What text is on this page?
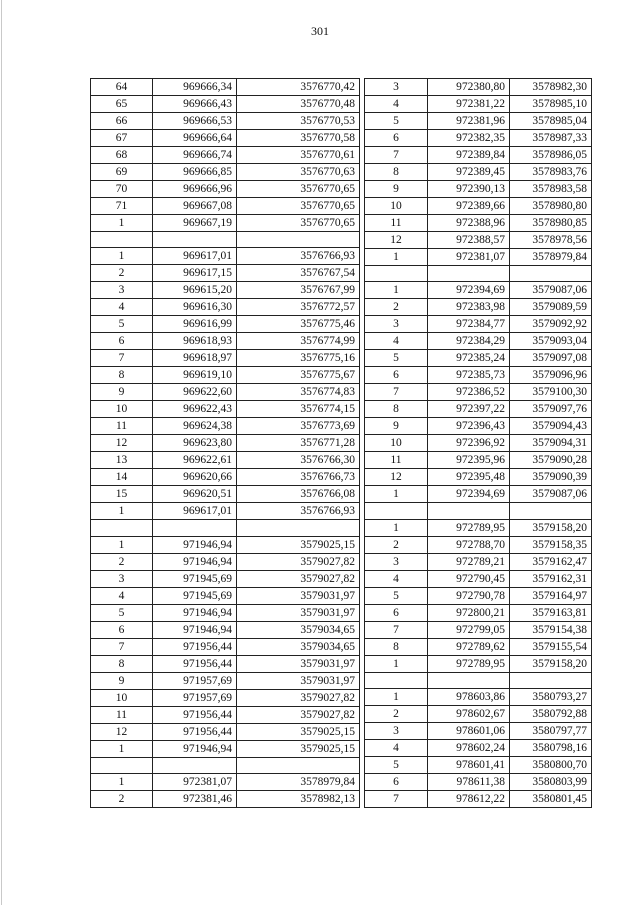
301
64	969666,34	3576770,42
65	969666,43	3576770,48
66	969666,53	3576770,53
67	969666,64	3576770,58
68	969666,74	3576770,61
69	969666,85	3576770,63
70	969666,96	3576770,65
71	969667,08	3576770,65
1	969667,19	3576770,65

1	969617,01	3576766,93
2	969617,15	3576767,54
3	969615,20	3576767,99
4	969616,30	3576772,57
5	969616,99	3576775,46
6	969618,93	3576774,99
7	969618,97	3576775,16
8	969619,10	3576775,67
9	969622,60	3576774,83
10	969622,43	3576774,15
11	969624,38	3576773,69
12	969623,80	3576771,28
13	969622,61	3576766,30
14	969620,66	3576766,73
15	969620,51	3576766,08
1	969617,01	3576766,93

1	971946,94	3579025,15
2	971946,94	3579027,82
3	971945,69	3579027,82
4	971945,69	3579031,97
5	971946,94	3579031,97
6	971946,94	3579034,65
7	971956,44	3579034,65
8	971956,44	3579031,97
9	971957,69	3579031,97
10	971957,69	3579027,82
11	971956,44	3579027,82
12	971956,44	3579025,15
1	971946,94	3579025,15

1	972381,07	3578979,84
2	972381,46	3578982,13
3	972380,80	3578982,30
4	972381,22	3578985,10
5	972381,96	3578985,04
6	972382,35	3578987,33
7	972389,84	3578986,05
8	972389,45	3578983,76
9	972390,13	3578983,58
10	972389,66	3578980,80
11	972388,96	3578980,85
12	972388,57	3578978,56
1	972381,07	3578979,84

1	972394,69	3579087,06
2	972383,98	3579089,59
3	972384,77	3579092,92
4	972384,29	3579093,04
5	972385,24	3579097,08
6	972385,73	3579096,96
7	972386,52	3579100,30
8	972397,22	3579097,76
9	972396,43	3579094,43
10	972396,92	3579094,31
11	972395,96	3579090,28
12	972395,48	3579090,39
1	972394,69	3579087,06

1	972789,95	3579158,20
2	972788,70	3579158,35
3	972789,21	3579162,47
4	972790,45	3579162,31
5	972790,78	3579164,97
6	972800,21	3579163,81
7	972799,05	3579154,38
8	972789,62	3579155,54
1	972789,95	3579158,20

1	978603,86	3580793,27
2	978602,67	3580792,88
3	978601,06	3580797,77
4	978602,24	3580798,16
5	978601,41	3580800,70
6	978611,38	3580803,99
7	978612,22	3580801,45
